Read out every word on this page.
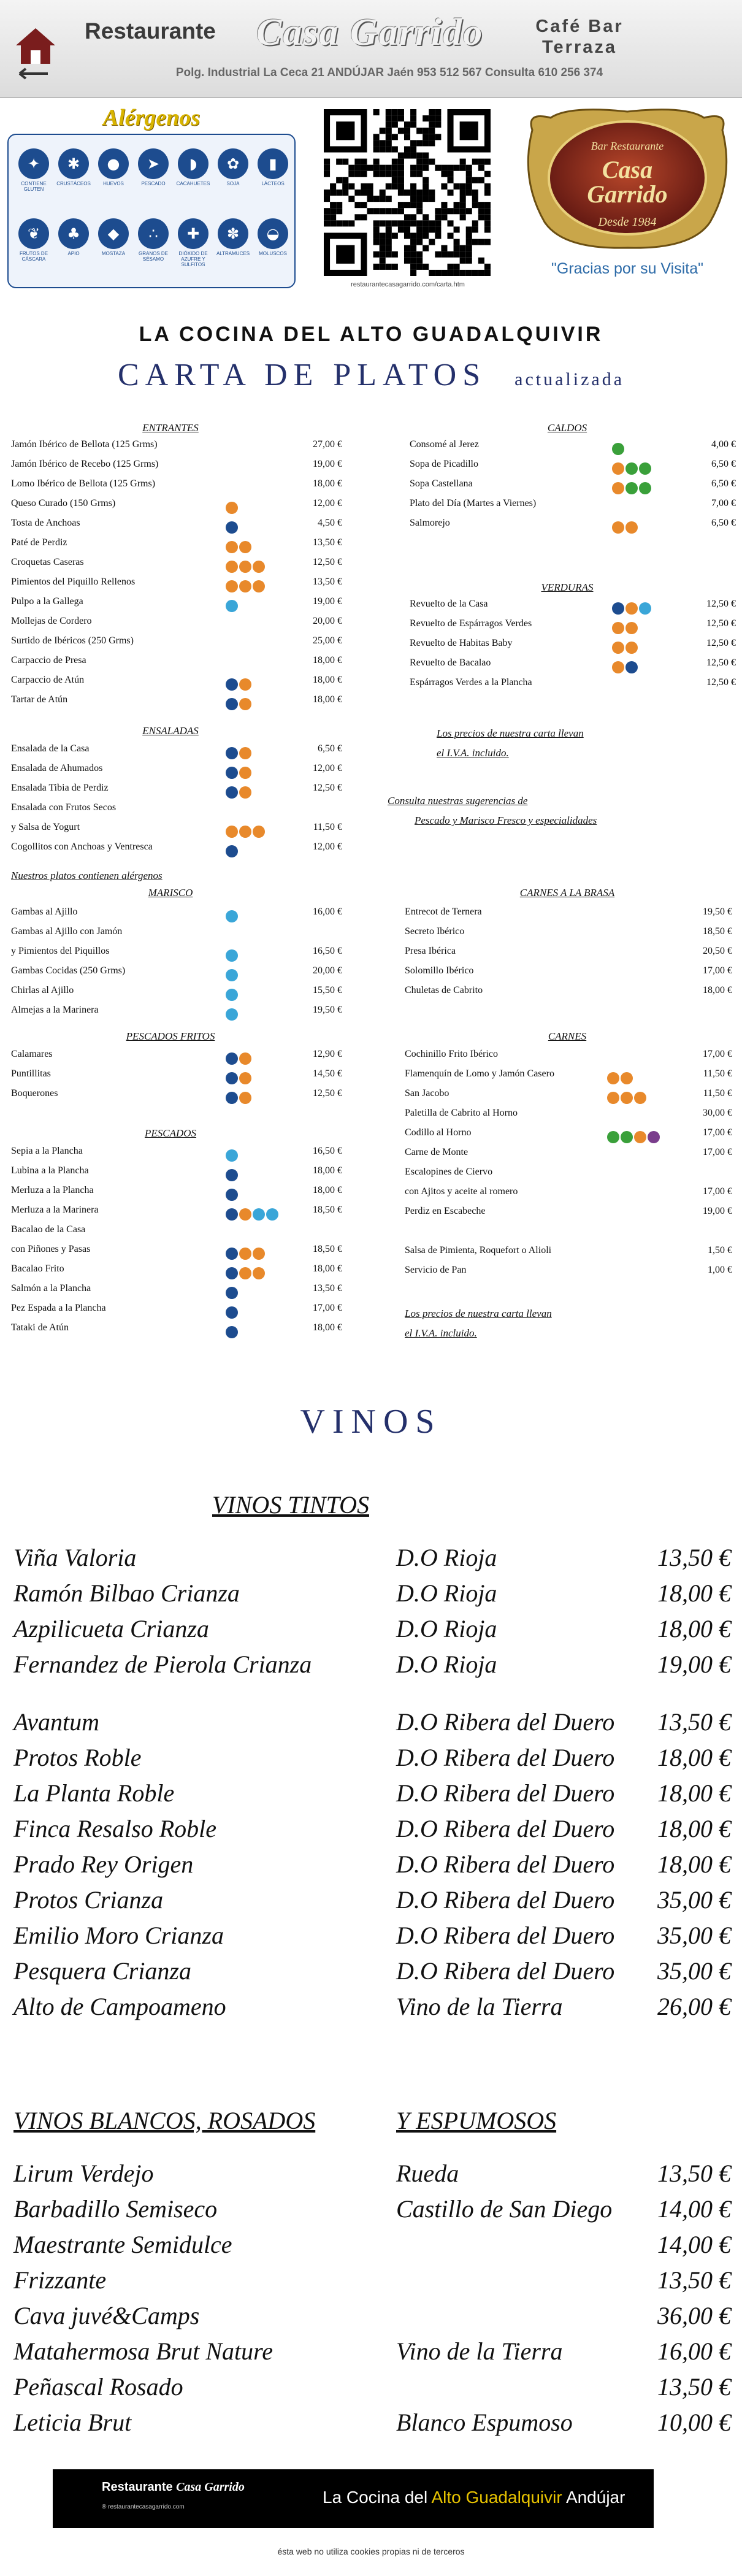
Restaurante Casa Garrido	Café Bar
Terraza
Polg. Industrial La Ceca 21 ANDÚJAR Jaén 953 512 567 Consulta 610 256 374
Alérgenos
✦
CONTIENE GLUTEN
✱
CRUSTÁCEOS
●
HUEVOS
➤
PESCADO
◗
CACAHUETES
✿
SOJA
▮
LÁCTEOS
❦
FRUTOS DE CÁSCARA
♣
APIO
◆
MOSTAZA
∴
GRANOS DE SÉSAMO
✚
DIÓXIDO DE AZUFRE Y SULFITOS
✽
ALTRAMUCES
◒
MOLUSCOS
restaurantecasagarrido.com/carta.htm
Bar Restaurante
Casa
Garrido
Desde 1984
"Gracias por su Visita"
LA COCINA DEL ALTO GUADALQUIVIR
CARTA DE PLATOS actualizada
ENTRANTES
Jamón Ibérico de Bellota (125 Grms)	27,00 €
Jamón Ibérico de Recebo (125 Grms)	19,00 €
Lomo Ibérico de Bellota (125 Grms)	18,00 €
Queso Curado (150 Grms)	12,00 €
Tosta de Anchoas	4,50 €
Paté de Perdiz	13,50 €
Croquetas Caseras	12,50 €
Pimientos del Piquillo Rellenos	13,50 €
Pulpo a la Gallega	19,00 €
Mollejas de Cordero	20,00 €
Surtido de Ibéricos (250 Grms)	25,00 €
Carpaccio de Presa	18,00 €
Carpaccio de Atún	18,00 €
Tartar de Atún	18,00 €
ENSALADAS
Ensalada de la Casa	6,50 €
Ensalada de Ahumados	12,00 €
Ensalada Tibia de Perdiz	12,50 €
Ensalada con Frutos Secos
y Salsa de Yogurt	11,50 €
Cogollitos con Anchoas y Ventresca	12,00 €
Nuestros platos contienen alérgenos
MARISCO
Gambas al Ajillo	16,00 €
Gambas al Ajillo con Jamón
y Pimientos del Piquillos	16,50 €
Gambas Cocidas (250 Grms)	20,00 €
Chirlas al Ajillo	15,50 €
Almejas a la Marinera	19,50 €
PESCADOS FRITOS
Calamares	12,90 €
Puntillitas	14,50 €
Boquerones	12,50 €
PESCADOS
Sepia a la Plancha	16,50 €
Lubina a la Plancha	18,00 €
Merluza a la Plancha	18,00 €
Merluza a la Marinera	18,50 €
Bacalao de la Casa
con Piñones y Pasas	18,50 €
Bacalao Frito	18,00 €
Salmón a la Plancha	13,50 €
Pez Espada a la Plancha	17,00 €
Tataki de Atún	18,00 €
CALDOS
Consomé al Jerez	4,00 €
Sopa de Picadillo	6,50 €
Sopa Castellana	6,50 €
Plato del Día (Martes a Viernes)	7,00 €
Salmorejo	6,50 €
VERDURAS
Revuelto de la Casa	12,50 €
Revuelto de Espárragos Verdes	12,50 €
Revuelto de Habitas Baby	12,50 €
Revuelto de Bacalao	12,50 €
Espárragos Verdes a la Plancha	12,50 €
Los precios de nuestra carta llevan
el I.V.A. incluido.
Consulta nuestras sugerencias de
Pescado y Marisco Fresco y especialidades
CARNES A LA BRASA
Entrecot de Ternera	19,50 €
Secreto Ibérico	18,50 €
Presa Ibérica	20,50 €
Solomillo Ibérico	17,00 €
Chuletas de Cabrito	18,00 €
CARNES
Cochinillo Frito Ibérico	17,00 €
Flamenquín de Lomo y Jamón Casero	11,50 €
San Jacobo	11,50 €
Paletilla de Cabrito al Horno	30,00 €
Codillo al Horno	17,00 €
Carne de Monte	17,00 €
Escalopines de Ciervo
con Ajitos y aceite al romero	17,00 €
Perdiz en Escabeche	19,00 €
Salsa de Pimienta, Roquefort o Alioli	1,50 €
Servicio de Pan	1,00 €
Los precios de nuestra carta llevan
el I.V.A. incluido.
VINOS
VINOS TINTOS
Viña Valoria	D.O Rioja	13,50 €
Ramón Bilbao Crianza	D.O Rioja	18,00 €
Azpilicueta Crianza	D.O Rioja	18,00 €
Fernandez de Pierola Crianza	D.O Rioja	19,00 €
Avantum	D.O Ribera del Duero	13,50 €
Protos Roble	D.O Ribera del Duero	18,00 €
La Planta Roble	D.O Ribera del Duero	18,00 €
Finca Resalso Roble	D.O Ribera del Duero	18,00 €
Prado Rey Origen	D.O Ribera del Duero	18,00 €
Protos Crianza	D.O Ribera del Duero	35,00 €
Emilio Moro Crianza	D.O Ribera del Duero	35,00 €
Pesquera Crianza	D.O Ribera del Duero	35,00 €
Alto de Campoameno	Vino de la Tierra	26,00 €
VINOS BLANCOS, ROSADOS	Y ESPUMOSOS
Lirum Verdejo	Rueda	13,50 €
Barbadillo Semiseco	Castillo de San Diego	14,00 €
Maestrante Semidulce	14,00 €
Frizzante	13,50 €
Cava juvé&Camps	36,00 €
Matahermosa Brut Nature	Vino de la Tierra	16,00 €
Peñascal Rosado	13,50 €
Leticia Brut	Blanco Espumoso	10,00 €
Restaurante Casa Garrido
® restaurantecasagarrido.com
La Cocina del Alto Guadalquivir Andújar
ésta web no utiliza cookies propias ni de terceros
